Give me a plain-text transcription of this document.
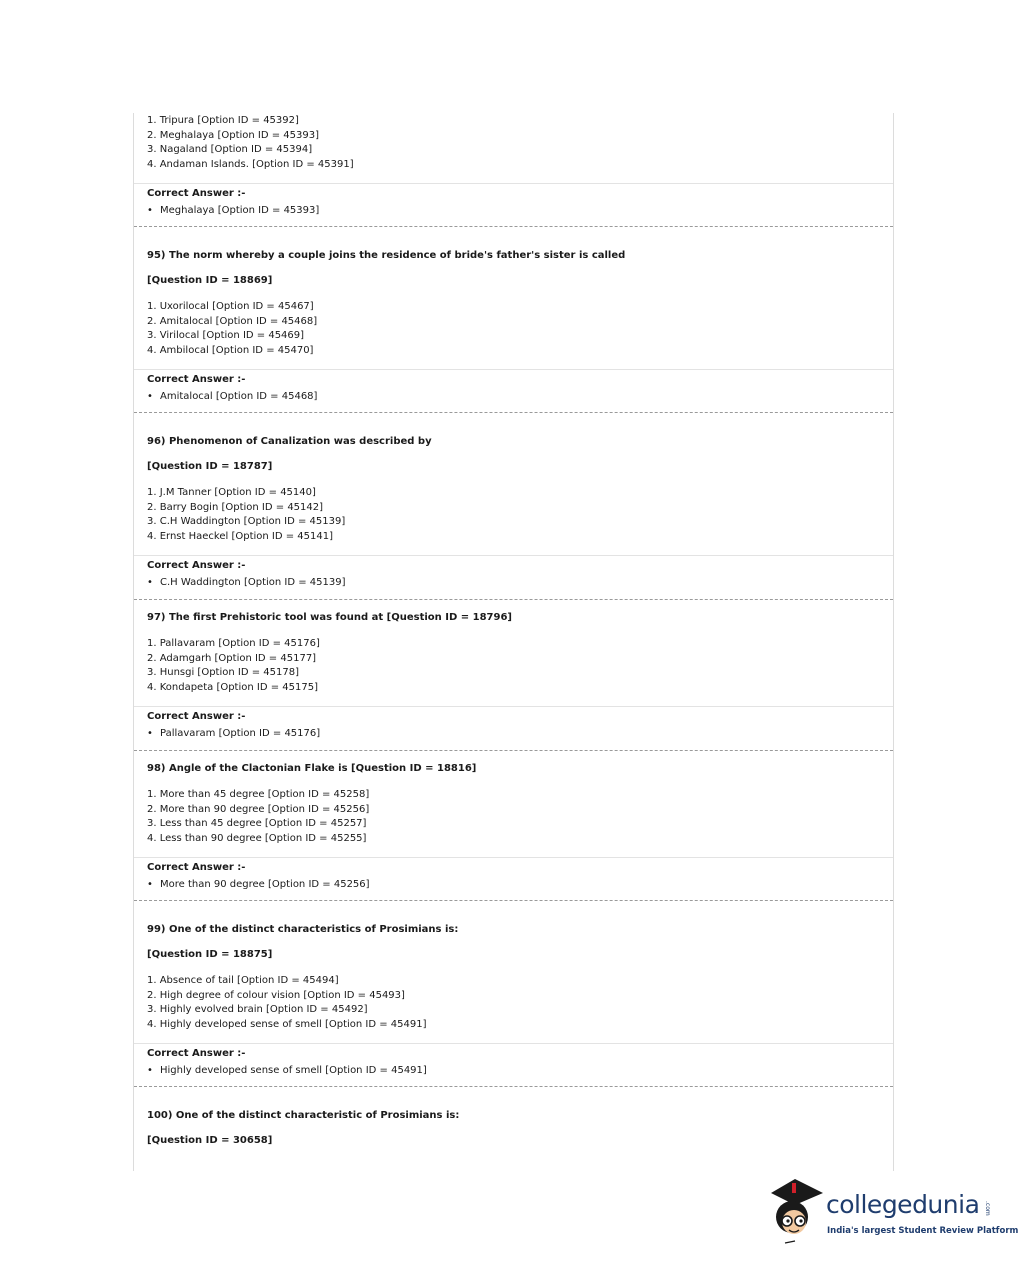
1. Tripura [Option ID = 45392]
2. Meghalaya [Option ID = 45393]
3. Nagaland [Option ID = 45394]
4. Andaman Islands. [Option ID = 45391]
Correct Answer :-
• Meghalaya [Option ID = 45393]
95) The norm whereby a couple joins the residence of bride's father's sister is called
[Question ID = 18869]
1. Uxorilocal [Option ID = 45467]
2. Amitalocal [Option ID = 45468]
3. Virilocal [Option ID = 45469]
4. Ambilocal [Option ID = 45470]
Correct Answer :-
• Amitalocal [Option ID = 45468]
96) Phenomenon of Canalization was described by
[Question ID = 18787]
1. J.M Tanner [Option ID = 45140]
2. Barry Bogin [Option ID = 45142]
3. C.H Waddington [Option ID = 45139]
4. Ernst Haeckel [Option ID = 45141]
Correct Answer :-
• C.H Waddington [Option ID = 45139]
97) The first Prehistoric tool was found at [Question ID = 18796]
1. Pallavaram [Option ID = 45176]
2. Adamgarh [Option ID = 45177]
3. Hunsgi [Option ID = 45178]
4. Kondapeta [Option ID = 45175]
Correct Answer :-
• Pallavaram [Option ID = 45176]
98) Angle of the Clactonian Flake is [Question ID = 18816]
1. More than 45 degree [Option ID = 45258]
2. More than 90 degree [Option ID = 45256]
3. Less than 45 degree [Option ID = 45257]
4. Less than 90 degree [Option ID = 45255]
Correct Answer :-
• More than 90 degree [Option ID = 45256]
99) One of the distinct characteristics of Prosimians is:
[Question ID = 18875]
1. Absence of tail [Option ID = 45494]
2. High degree of colour vision [Option ID = 45493]
3. Highly evolved brain [Option ID = 45492]
4. Highly developed sense of smell [Option ID = 45491]
Correct Answer :-
• Highly developed sense of smell [Option ID = 45491]
100) One of the distinct characteristic of Prosimians is:
[Question ID = 30658]
collegedunia .com
India's largest Student Review Platform
